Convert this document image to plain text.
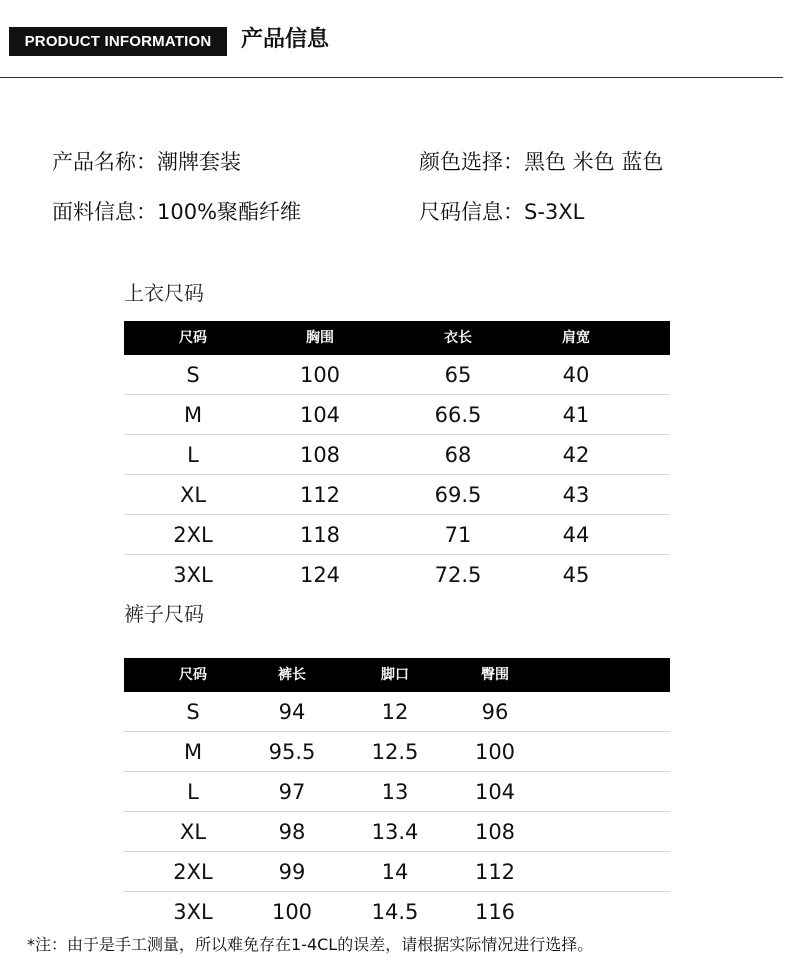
PRODUCT INFORMATION	产品信息
产品名称：潮牌套装	颜色选择：黑色 米色 蓝色
面料信息：100%聚酯纤维	尺码信息：S-3XL
上衣尺码
尺码	胸围	衣长	肩宽
S	100	65	40
M	104	66.5	41
L	108	68	42
XL	112	69.5	43
2XL	118	71	44
3XL	124	72.5	45
裤子尺码
尺码	裤长	脚口	臀围
S	94	12	96
M	95.5	12.5	100
L	97	13	104
XL	98	13.4	108
2XL	99	14	112
3XL	100	14.5	116
*注：由于是手工测量，所以难免存在1-4CL的误差，请根据实际情况进行选择。
